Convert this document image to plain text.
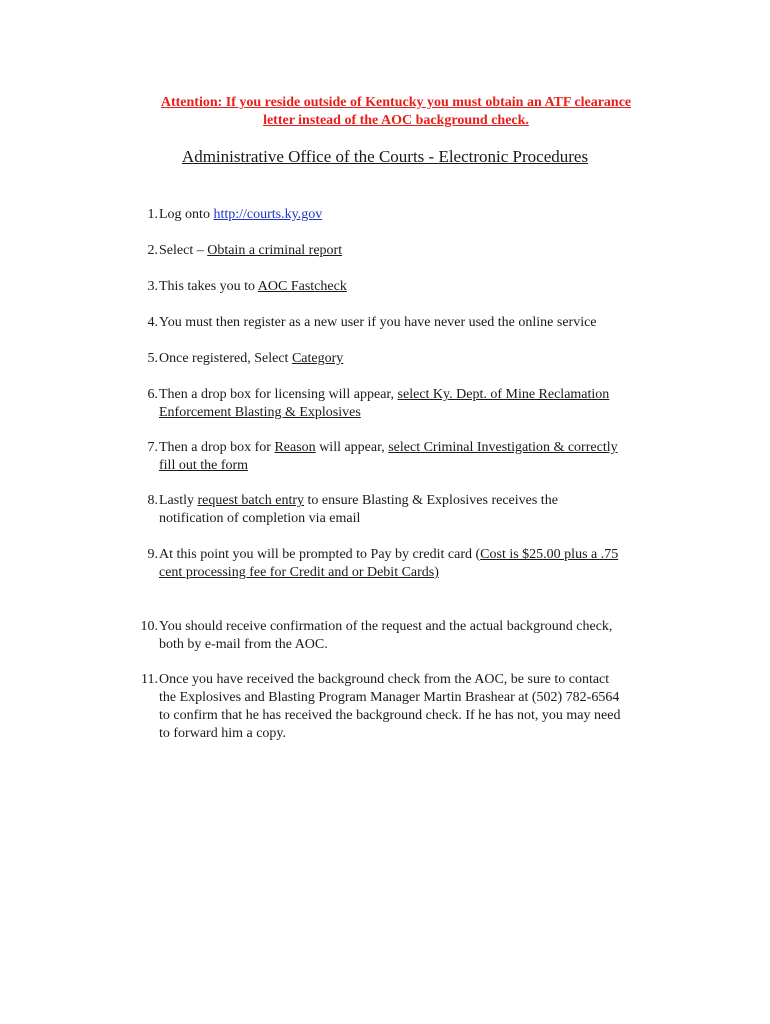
Attention: If you reside outside of Kentucky you must obtain an ATF clearance
letter instead of the AOC background check.
Administrative Office of the Courts - Electronic Procedures
1. Log onto http://courts.ky.gov
2. Select – Obtain a criminal report
3. This takes you to AOC Fastcheck
4. You must then register as a new user if you have never used the online service
5. Once registered, Select Category
6. Then a drop box for licensing will appear, select Ky. Dept. of Mine Reclamation
Enforcement Blasting & Explosives
7. Then a drop box for Reason will appear, select Criminal Investigation & correctly
fill out the form
8. Lastly request batch entry to ensure Blasting & Explosives receives the
notification of completion via email
9. At this point you will be prompted to Pay by credit card (Cost is $25.00 plus a .75
cent processing fee for Credit and or Debit Cards)
10. You should receive confirmation of the request and the actual background check,
both by e-mail from the AOC.
11. Once you have received the background check from the AOC, be sure to contact
the Explosives and Blasting Program Manager Martin Brashear at (502) 782-6564
to confirm that he has received the background check. If he has not, you may need
to forward him a copy.
